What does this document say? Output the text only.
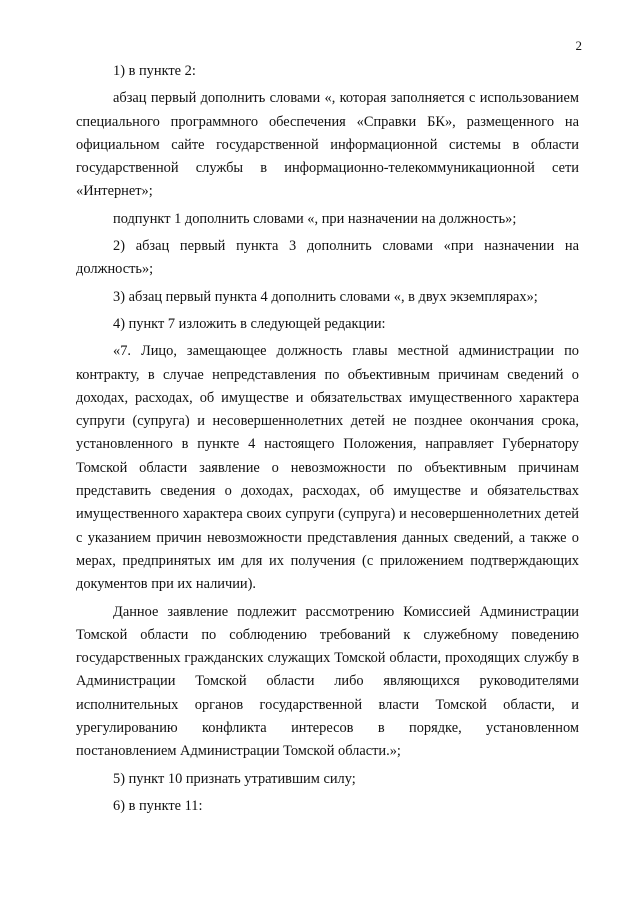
2

1) в пункте 2:

абзац первый дополнить словами «, которая заполняется с использованием специального программного обеспечения «Справки БК», размещенного на официальном сайте государственной информационной системы в области государственной службы в информационно-телекоммуникационной сети «Интернет»;

подпункт 1 дополнить словами «, при назначении на должность»;

2) абзац первый пункта 3 дополнить словами «при назначении на должность»;

3) абзац первый пункта 4 дополнить словами «, в двух экземплярах»;

4) пункт 7 изложить в следующей редакции:

«7. Лицо, замещающее должность главы местной администрации по контракту, в случае непредставления по объективным причинам сведений о доходах, расходах, об имуществе и обязательствах имущественного характера супруги (супруга) и несовершеннолетних детей не позднее окончания срока, установленного в пункте 4 настоящего Положения, направляет Губернатору Томской области заявление о невозможности по объективным причинам представить сведения о доходах, расходах, об имуществе и обязательствах имущественного характера своих супруги (супруга) и несовершеннолетних детей с указанием причин невозможности представления данных сведений, а также о мерах, предпринятых им для их получения (с приложением подтверждающих документов при их наличии).

Данное заявление подлежит рассмотрению Комиссией Администрации Томской области по соблюдению требований к служебному поведению государственных гражданских служащих Томской области, проходящих службу в Администрации Томской области либо являющихся руководителями исполнительных органов государственной власти Томской области, и урегулированию конфликта интересов в порядке, установленном постановлением Администрации Томской области.»;

5) пункт 10 признать утратившим силу;

6) в пункте 11:
